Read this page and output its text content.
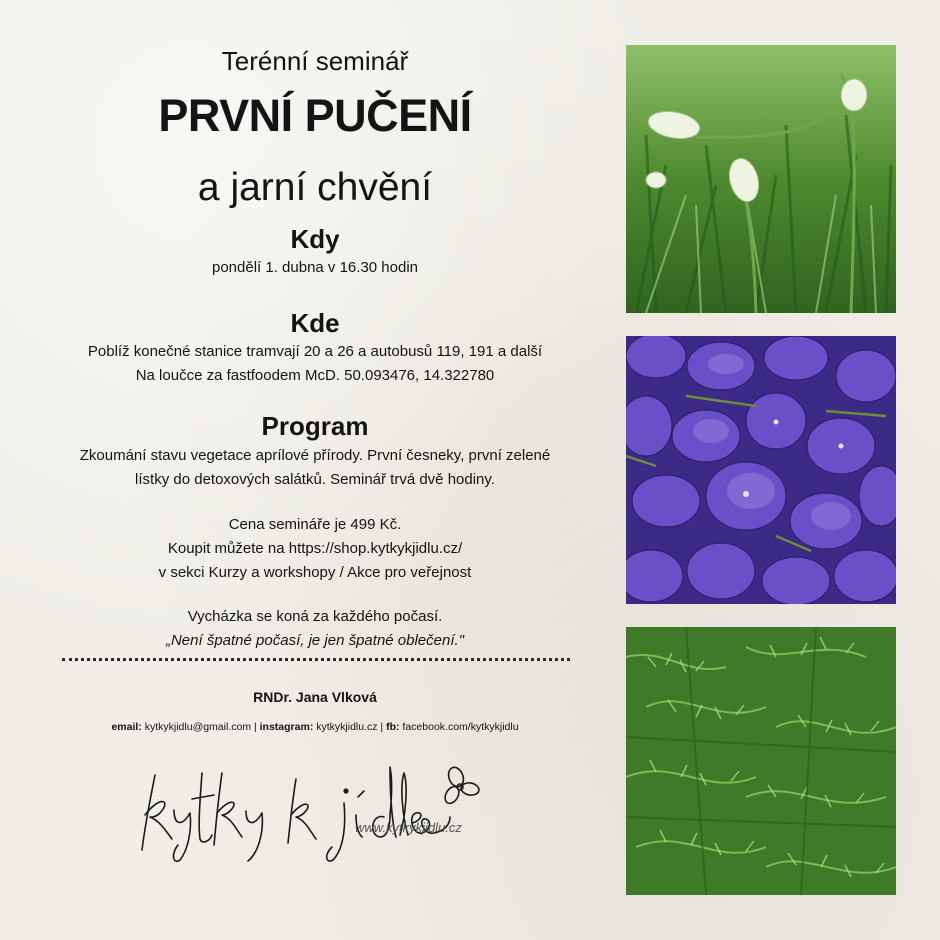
Terénní seminář
PRVNÍ PUČENÍ
a jarní chvění
Kdy
pondělí 1. dubna v 16.30 hodin
Kde
Poblíž konečné stanice tramvají 20 a 26 a autobusů 119, 191 a další
Na loučce za fastfoodem McD. 50.093476, 14.322780
Program
Zkoumání stavu vegetace aprílové přírody. První česneky, první zelené
lístky do detoxových salátků. Seminář trvá dvě hodiny.
Cena semináře je 499 Kč.
Koupit můžete na https://shop.kytkykjidlu.cz/
v sekci Kurzy a workshopy / Akce pro veřejnost
Vycházka se koná za každého počasí.
„Není špatné počasí, je jen špatné oblečení."
RNDr. Jana Vlková
email: kytkykjidlu@gmail.com | instagram: kytkykjidlu.cz | fb: facebook.com/kytkykjidlu
www.kytkykjidlu.cz
